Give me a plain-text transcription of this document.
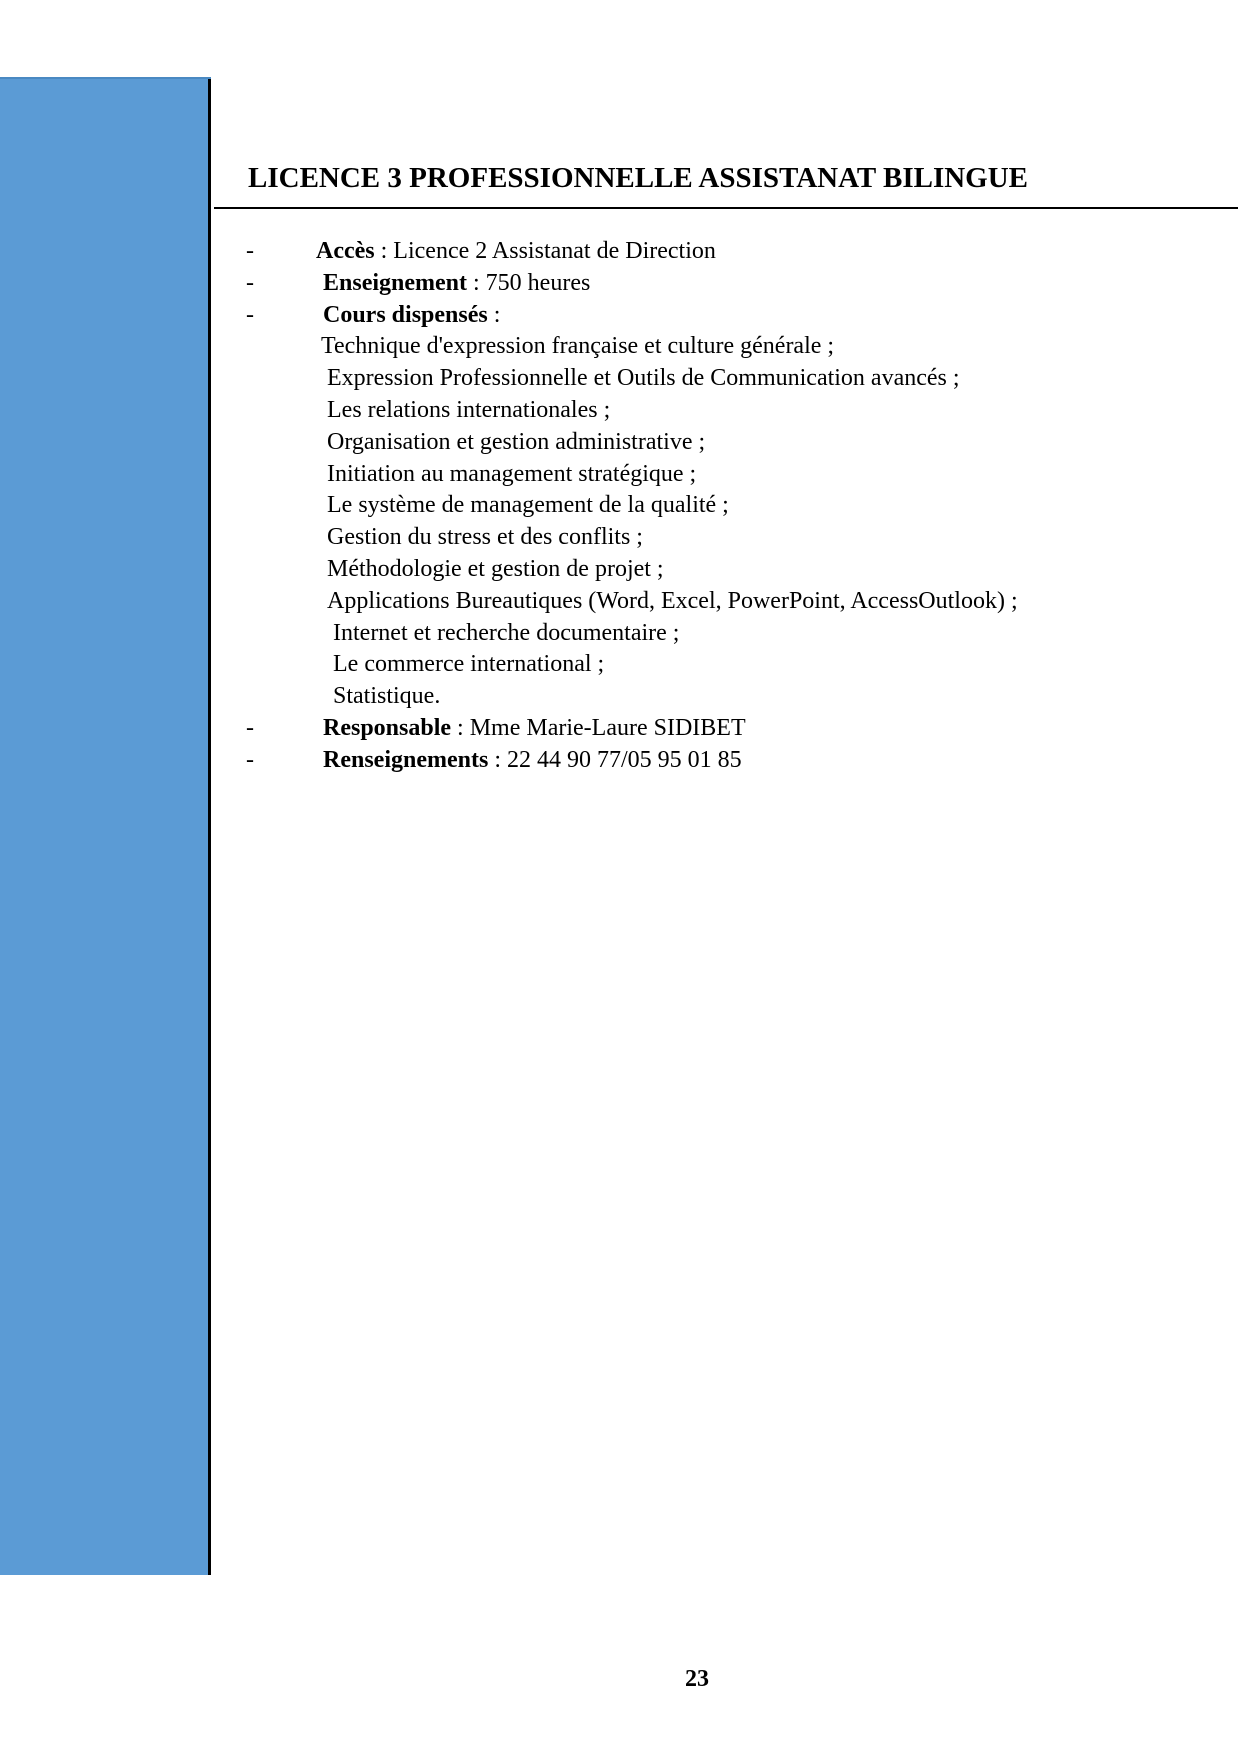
LICENCE 3 PROFESSIONNELLE ASSISTANAT BILINGUE
-	Accès : Licence 2 Assistanat de Direction
-	Enseignement : 750 heures
-	Cours dispensés :
Technique d'expression française et culture générale ;
Expression Professionnelle et Outils de Communication avancés ;
Les relations internationales ;
Organisation et gestion administrative ;
Initiation au management stratégique ;
Le système de management de la qualité ;
Gestion du stress et des conflits ;
Méthodologie et gestion de projet ;
Applications Bureautiques (Word, Excel, PowerPoint, AccessOutlook) ;
Internet et recherche documentaire ;
Le commerce international ;
Statistique.
-	Responsable : Mme Marie-Laure SIDIBET
-	Renseignements : 22 44 90 77/05 95 01 85
23
